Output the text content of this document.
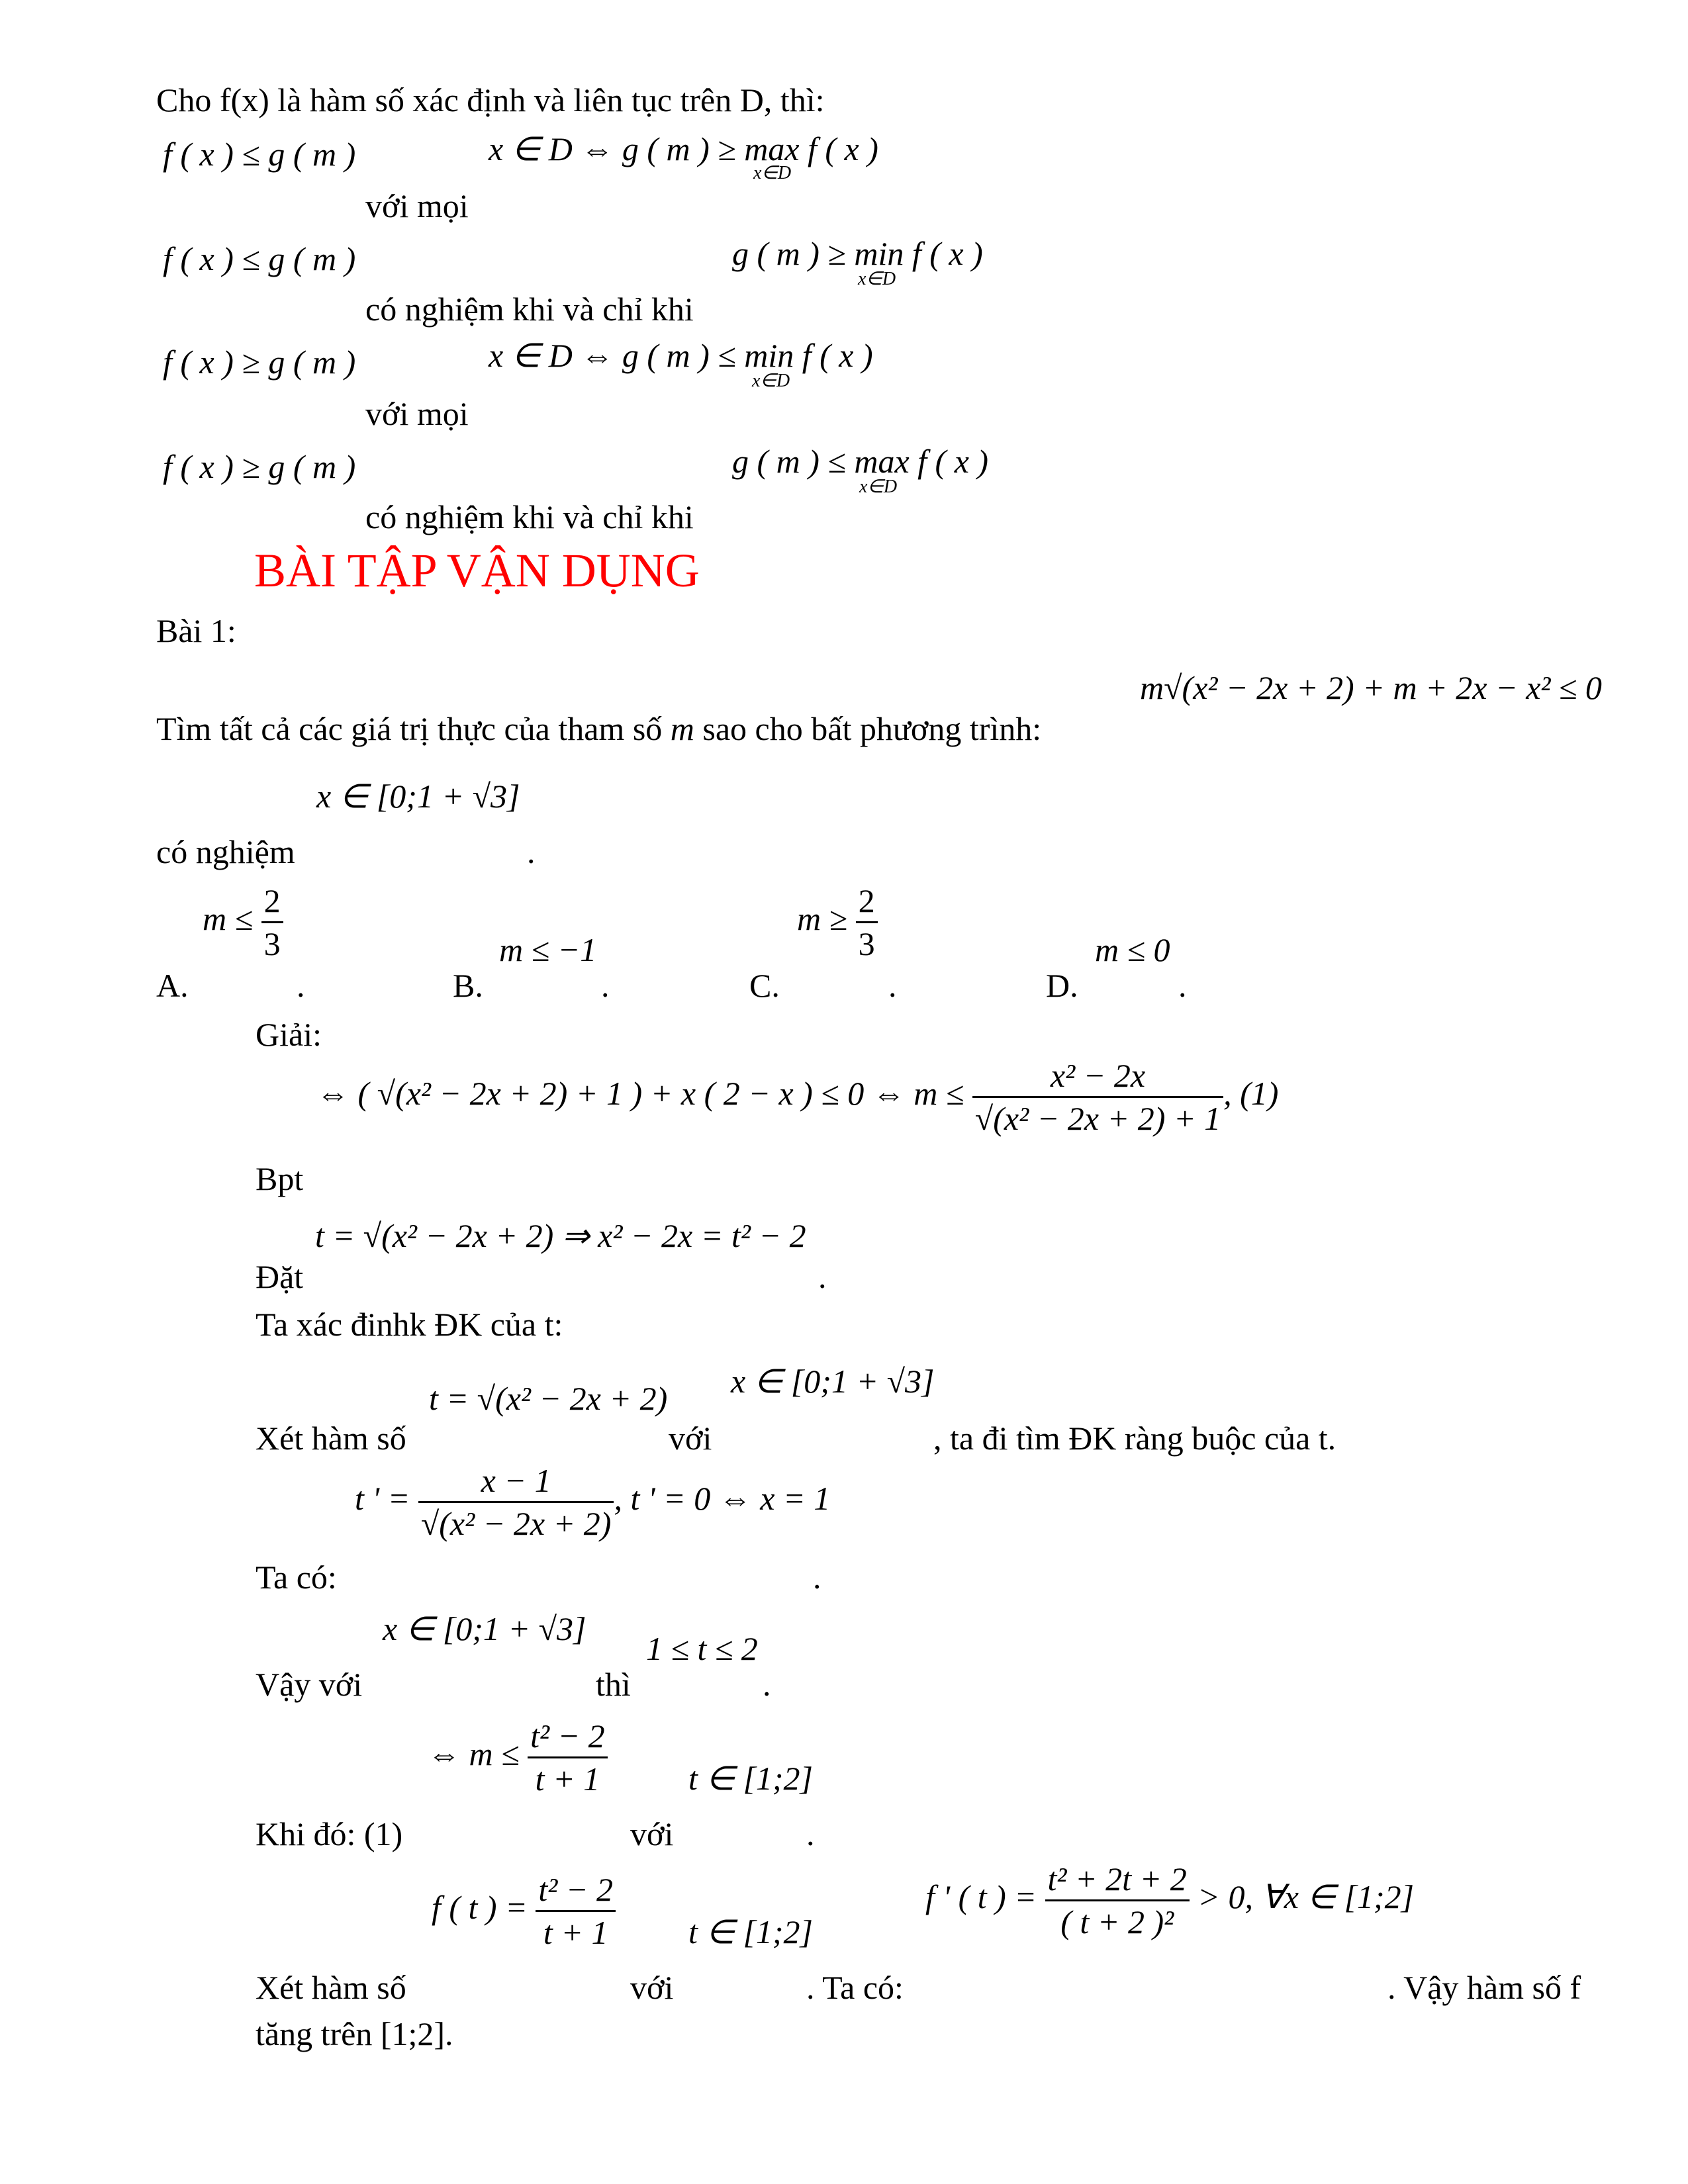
Cho f(x) là hàm số xác định và liên tục trên D, thì:
f ( x ) ≤ g ( m )	x ∈ D ⇔ g ( m ) ≥ max f ( x )
x∈D
với mọi
f ( x ) ≤ g ( m )	g ( m ) ≥ min f ( x )
x∈D
có nghiệm khi và chỉ khi
f ( x ) ≥ g ( m )	x ∈ D ⇔ g ( m ) ≤ min f ( x )
x∈D
với mọi
f ( x ) ≥ g ( m )	g ( m ) ≤ max f ( x )
x∈D
có nghiệm khi và chỉ khi
BÀI TẬP VẬN DỤNG
Bài 1:
m√(x² − 2x + 2) + m + 2x − x² ≤ 0
Tìm tất cả các giá trị thực của tham số m sao cho bất phương trình:
x ∈ [0;1 + √3]
có nghiệm	.
$m \le \frac{2}{3}$
A.	.
m ≤ −1
B.	.
$m \ge \frac{2}{3}$
C.	.
m ≤ 0
D.	.
Giải:
⇔ ( √(x² − 2x + 2) + 1 ) + x ( 2 − x ) ≤ 0 ⇔ $m \le \frac{\text{x² − 2x}}{\text{√(x² − 2x + 2) + 1}}$ , (1)
Bpt
t = √(x² − 2x + 2) ⇒ x² − 2x = t² − 2
Đặt	.
Ta xác đinhk ĐK của t:
t = √(x² − 2x + 2) x ∈ [0;1 + √3]
Xét hàm số	với	, ta đi tìm ĐK ràng buộc của t.
t ' = $\frac{x - 1}{\text{√(x² − 2x + 2)}}$ , t ' = 0 ⇔ x = 1
Ta có:	.
x ∈ [0;1 + √3]
1 ≤ t ≤ 2
Vậy với	thì	.
⇔ $m \le \frac{\text{t² − 2}}{t + 1}$ t ∈ [1;2]
Khi đó: (1)	với	.
f ( t ) = $\frac{\text{t² − 2}}{t + 1}$ t ∈ [1;2]
f ' ( t ) = $\frac{\text{t² + 2t + 2}}{\text{( t + 2 )²}} > 0$, ∀x ∈ [1;2]
Xét hàm số	với	. Ta có:	. Vậy hàm số f
tăng trên [1;2].
